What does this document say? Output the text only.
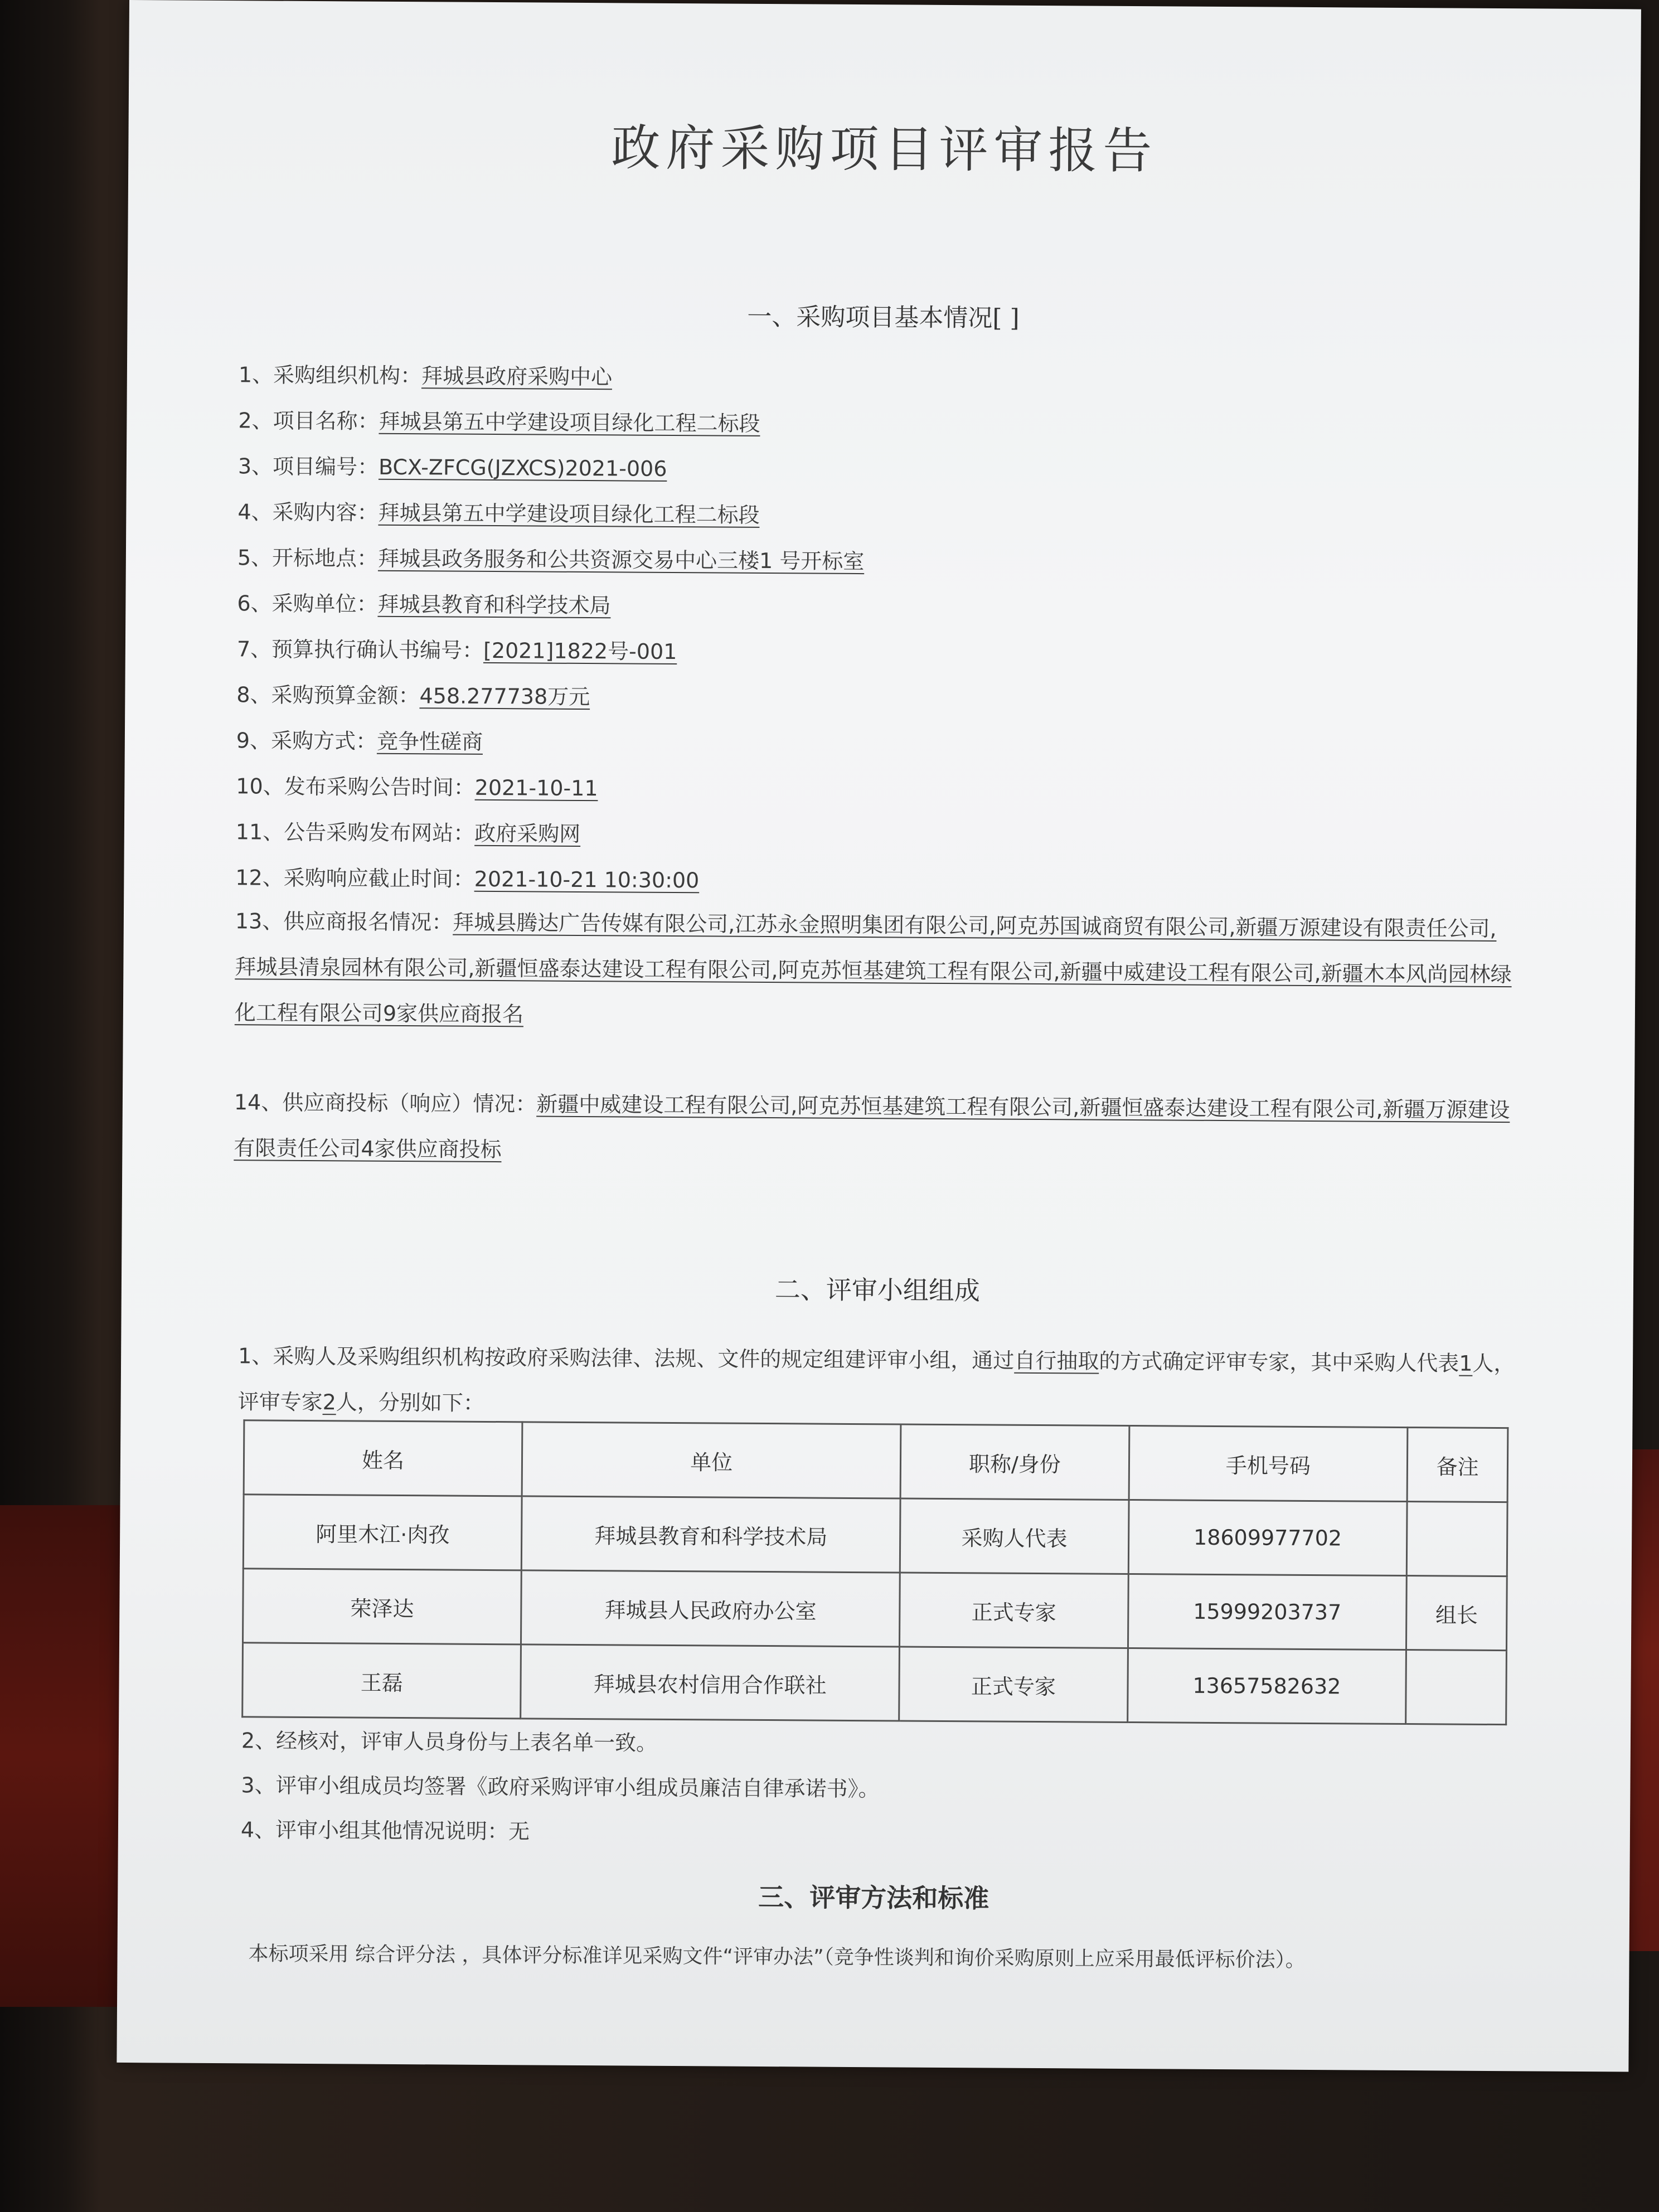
政府采购项目评审报告
一、采购项目基本情况[ ]
1、采购组织机构：拜城县政府采购中心
2、项目名称：拜城县第五中学建设项目绿化工程二标段
3、项目编号：BCX-ZFCG(JZXCS)2021-006
4、采购内容：拜城县第五中学建设项目绿化工程二标段
5、开标地点：拜城县政务服务和公共资源交易中心三楼1 号开标室
6、采购单位：拜城县教育和科学技术局
7、预算执行确认书编号：[2021]1822号-001
8、采购预算金额：458.277738万元
9、采购方式：竞争性磋商
10、发布采购公告时间：2021-10-11
11、公告采购发布网站：政府采购网
12、采购响应截止时间：2021-10-21 10:30:00
13、供应商报名情况：拜城县腾达广告传媒有限公司,江苏永金照明集团有限公司,阿克苏国诚商贸有限公司,新疆万源建设有限责任公司,拜城县清泉园林有限公司,新疆恒盛泰达建设工程有限公司,阿克苏恒基建筑工程有限公司,新疆中威建设工程有限公司,新疆木本风尚园林绿化工程有限公司9家供应商报名
14、供应商投标（响应）情况：新疆中威建设工程有限公司,阿克苏恒基建筑工程有限公司,新疆恒盛泰达建设工程有限公司,新疆万源建设有限责任公司4家供应商投标
二、评审小组组成
1、采购人及采购组织机构按政府采购法律、法规、文件的规定组建评审小组，通过自行抽取的方式确定评审专家，其中采购人代表1人，评审专家2人，分别如下：
姓名	单位	职称/身份	手机号码	备注
阿里木江·肉孜	拜城县教育和科学技术局	采购人代表	18609977702	
荣泽达	拜城县人民政府办公室	正式专家	15999203737	组长
王磊	拜城县农村信用合作联社	正式专家	13657582632	
2、经核对，评审人员身份与上表名单一致。
3、评审小组成员均签署《政府采购评审小组成员廉洁自律承诺书》。
4、评审小组其他情况说明：无
三、评审方法和标准
本标项采用 综合评分法 ，具体评分标准详见采购文件“评审办法”（竞争性谈判和询价采购原则上应采用最低评标价法）。
